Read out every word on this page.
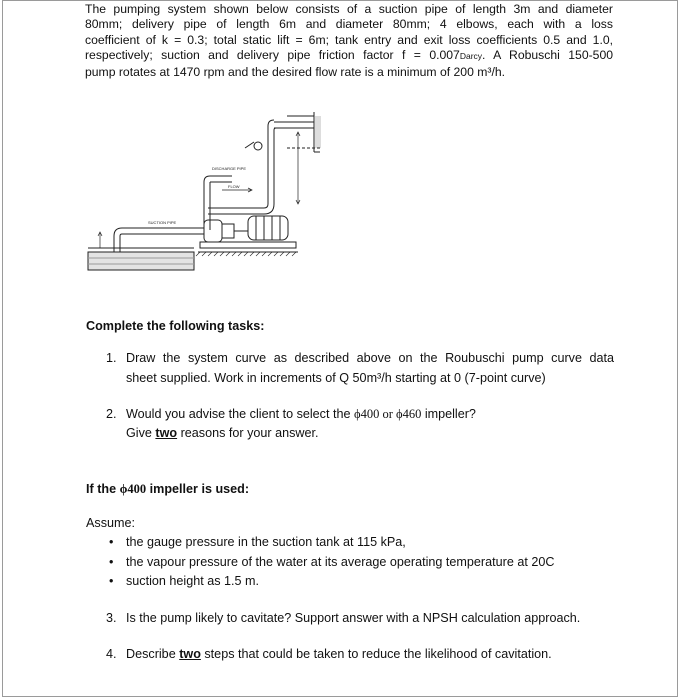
The pumping system shown below consists of a suction pipe of length 3m and diameter
80mm; delivery pipe of length 6m and diameter 80mm; 4 elbows, each with a loss
coefficient of k = 0.3; total static lift = 6m; tank entry and exit loss coefficients 0.5 and 1.0,
respectively; suction and delivery pipe friction factor f = 0.007Darcy. A Robuschi 150-500
pump rotates at 1470 rpm and the desired flow rate is a minimum of 200 m³/h.
DISCHARGE PIPE
FLOW
SUCTION PIPE
Complete the following tasks:
1. Draw the system curve as described above on the Roubuschi pump curve data
sheet supplied. Work in increments of Q 50m³/h starting at 0 (7-point curve)
2. Would you advise the client to select the ϕ400 or ϕ460 impeller?
Give two reasons for your answer.
If the ϕ400 impeller is used:
Assume:
• the gauge pressure in the suction tank at 115 kPa,
• the vapour pressure of the water at its average operating temperature at 20C
• suction height as 1.5 m.
3. Is the pump likely to cavitate? Support answer with a NPSH calculation approach.
4. Describe two steps that could be taken to reduce the likelihood of cavitation.
